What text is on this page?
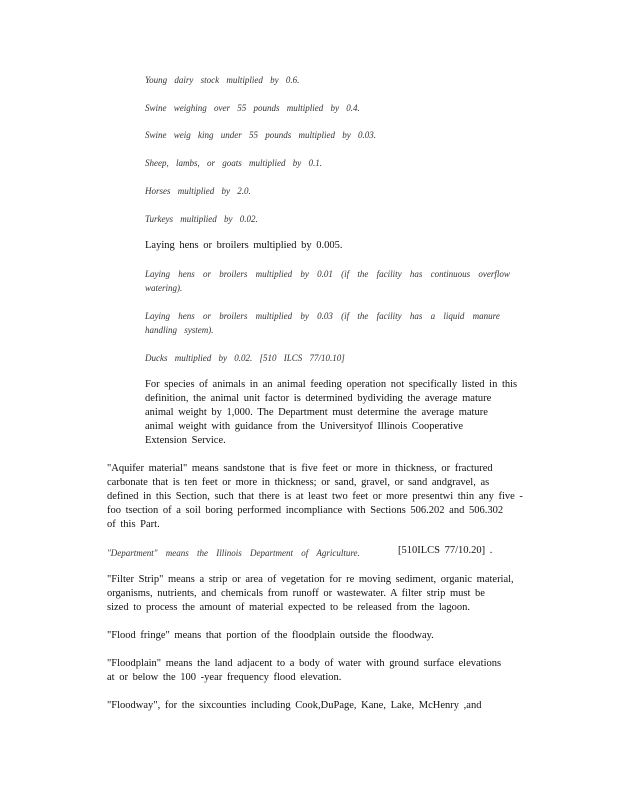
Young dairy stock multiplied by 0.6.
Swine weighing over 55 pounds multiplied by 0.4.
Swine weig king under 55 pounds multiplied by 0.03.
Sheep, lambs, or goats multiplied by 0.1.
Horses multiplied by 2.0.
Turkeys multiplied by 0.02.
Laying hens or broilers multiplied by 0.005.
Laying hens or broilers multiplied by 0.01 (if the facility has continuous overflow
watering).
Laying hens or broilers multiplied by 0.03 (if the facility has a liquid manure
handling system).
Ducks multiplied by 0.02. [510 ILCS 77/10.10]
For species of animals in an animal feeding operation not specifically listed in this
definition, the animal unit factor is determined bydividing the average mature
animal weight by 1,000. The Department must determine the average mature
animal weight with guidance from the Universityof Illinois Cooperative
Extension Service.
"Aquifer material" means sandstone that is five feet or more in thickness, or fractured
carbonate that is ten feet or more in thickness; or sand, gravel, or sand andgravel, as
defined in this Section, such that there is at least two feet or more presentwi thin any five -
foo tsection of a soil boring performed incompliance with Sections 506.202 and 506.302
of this Part.
"Department" means the Illinois Department of Agriculture.	[510ILCS 77/10.20] .
"Filter Strip" means a strip or area of vegetation for re moving sediment, organic material,
organisms, nutrients, and chemicals from runoff or wastewater. A filter strip must be
sized to process the amount of material expected to be released from the lagoon.
"Flood fringe" means that portion of the floodplain outside the floodway.
"Floodplain" means the land adjacent to a body of water with ground surface elevations
at or below the 100 -year frequency flood elevation.
"Floodway", for the sixcounties including Cook,DuPage, Kane, Lake, McHenry ,and
